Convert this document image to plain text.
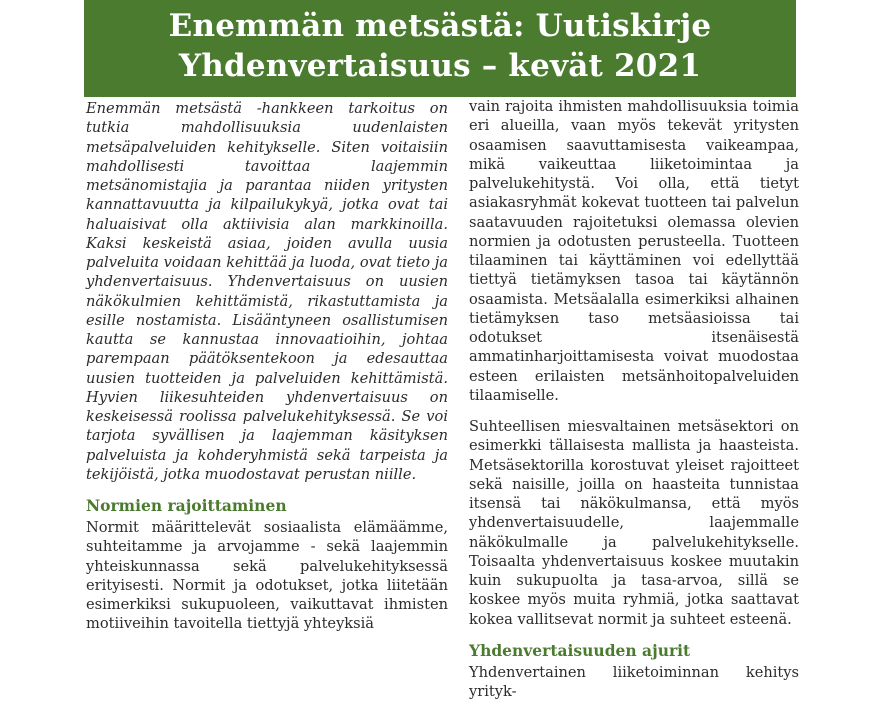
Enemmän metsästä: Uutiskirje
Yhdenvertaisuus – kevät 2021

Enemmän metsästä -hankkeen tarkoitus on tutkia mahdollisuuksia uudenlaisten metsäpalveluiden kehitykselle. Siten voitaisiin mahdollisesti tavoittaa laajemmin metsänomistajia ja parantaa niiden yritysten kannattavuutta ja kilpailukykyä, jotka ovat tai haluaisivat olla aktiivisia alan markkinoilla. Kaksi keskeistä asiaa, joiden avulla uusia palveluita voidaan kehittää ja luoda, ovat tieto ja yhdenvertaisuus. Yhdenvertaisuus on uusien näkökulmien kehittämistä, rikastuttamista ja esille nostamista. Lisääntyneen osallistumisen kautta se kannustaa innovaatioihin, johtaa parempaan päätöksentekoon ja edesauttaa uusien tuotteiden ja palveluiden kehittämistä. Hyvien liikesuhteiden yhdenvertaisuus on keskeisessä roolissa palvelukehityksessä. Se voi tarjota syvällisen ja laajemman käsityksen palveluista ja kohderyhmistä sekä tarpeista ja tekijöistä, jotka muodostavat perustan niille.

Normien rajoittaminen

Normit määrittelevät sosiaalista elämäämme, suhteitamme ja arvojamme - sekä laajemmin yhteiskunnassa sekä palvelukehityksessä erityisesti. Normit ja odotukset, jotka liitetään esimerkiksi sukupuoleen, vaikuttavat ihmisten motiiveihin tavoitella tiettyjä yhteyksiä

vain rajoita ihmisten mahdollisuuksia toimia eri alueilla, vaan myös tekevät yritysten osaamisen saavuttamisesta vaikeampaa, mikä vaikeuttaa liiketoimintaa ja palvelukehitystä. Voi olla, että tietyt asiakasryhmät kokevat tuotteen tai palvelun saatavuuden rajoitetuksi olemassa olevien normien ja odotusten perusteella. Tuotteen tilaaminen tai käyttäminen voi edellyttää tiettyä tietämyksen tasoa tai käytännön osaamista. Metsäalalla esimerkiksi alhainen tietämyksen taso metsäasioissa tai odotukset itsenäisestä ammatinharjoittamisesta voivat muodostaa esteen erilaisten metsänhoitopalveluiden tilaamiselle.

Suhteellisen miesvaltainen metsäsektori on esimerkki tällaisesta mallista ja haasteista. Metsäsektorilla korostuvat yleiset rajoitteet sekä naisille, joilla on haasteita tunnistaa itsensä tai näkökulmansa, että myös yhdenvertaisuudelle, laajemmalle näkökulmalle ja palvelukehitykselle. Toisaalta yhdenvertaisuus koskee muutakin kuin sukupuolta ja tasa-arvoa, sillä se koskee myös muita ryhmiä, jotka saattavat kokea vallitsevat normit ja suhteet esteenä.

Yhdenvertaisuuden ajurit

Yhdenvertainen liiketoiminnan kehitys yrityk-
